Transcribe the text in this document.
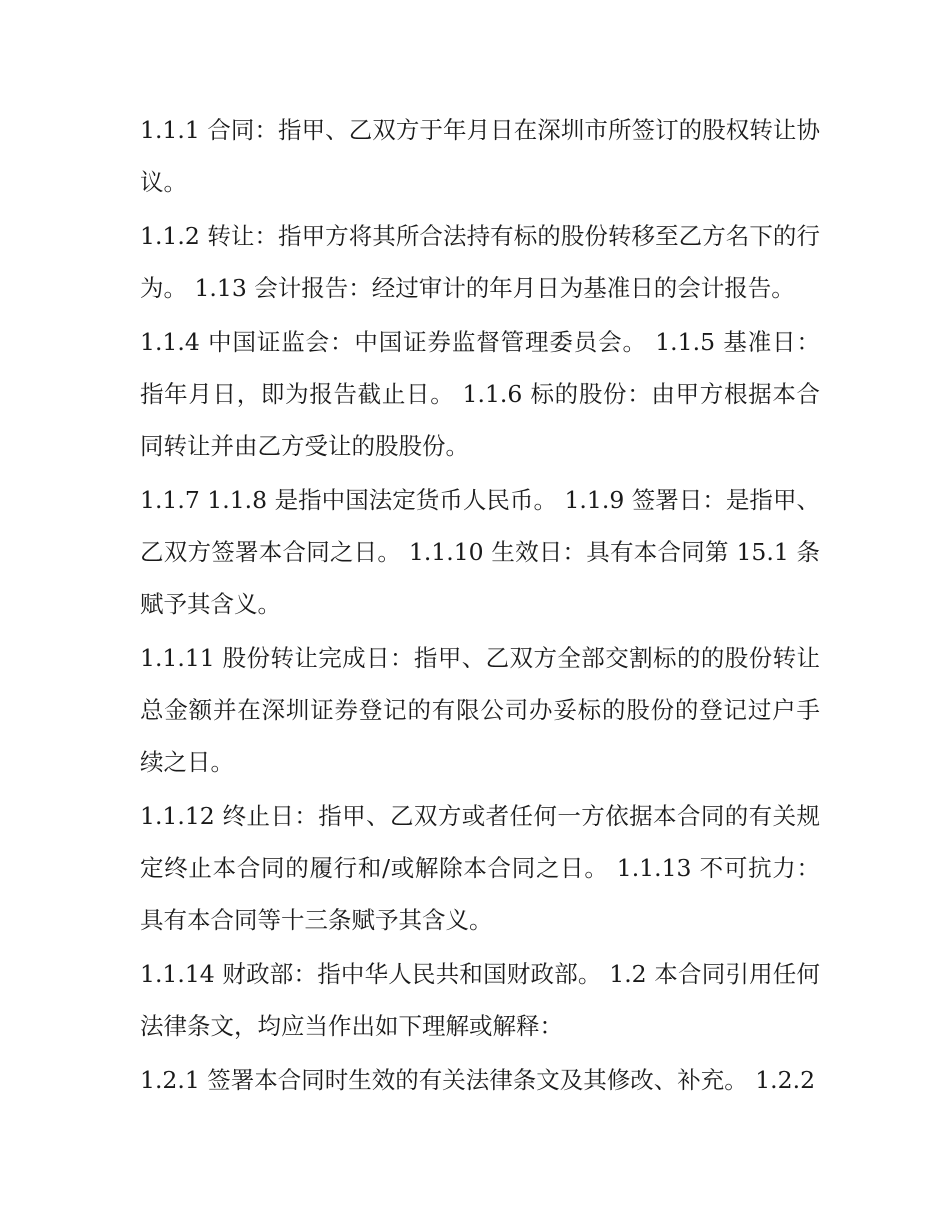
1.1.1 合同：指甲、乙双方于年月日在深圳市所签订的股权转让协议。

1.1.2 转让：指甲方将其所合法持有标的股份转移至乙方名下的行为。 1.13 会计报告：经过审计的年月日为基准日的会计报告。

1.1.4 中国证监会：中国证券监督管理委员会。 1.1.5 基准日：指年月日，即为报告截止日。 1.1.6 标的股份：由甲方根据本合同转让并由乙方受让的股股份。

1.1.7 1.1.8 是指中国法定货币人民币。 1.1.9 签署日：是指甲、乙双方签署本合同之日。 1.1.10 生效日：具有本合同第 15.1 条赋予其含义。

1.1.11 股份转让完成日：指甲、乙双方全部交割标的的股份转让总金额并在深圳证券登记的有限公司办妥标的股份的登记过户手续之日。

1.1.12 终止日：指甲、乙双方或者任何一方依据本合同的有关规定终止本合同的履行和/或解除本合同之日。 1.1.13 不可抗力：具有本合同等十三条赋予其含义。

1.1.14 财政部：指中华人民共和国财政部。 1.2 本合同引用任何法律条文，均应当作出如下理解或解释：

1.2.1 签署本合同时生效的有关法律条文及其修改、补充。 1.2.2
